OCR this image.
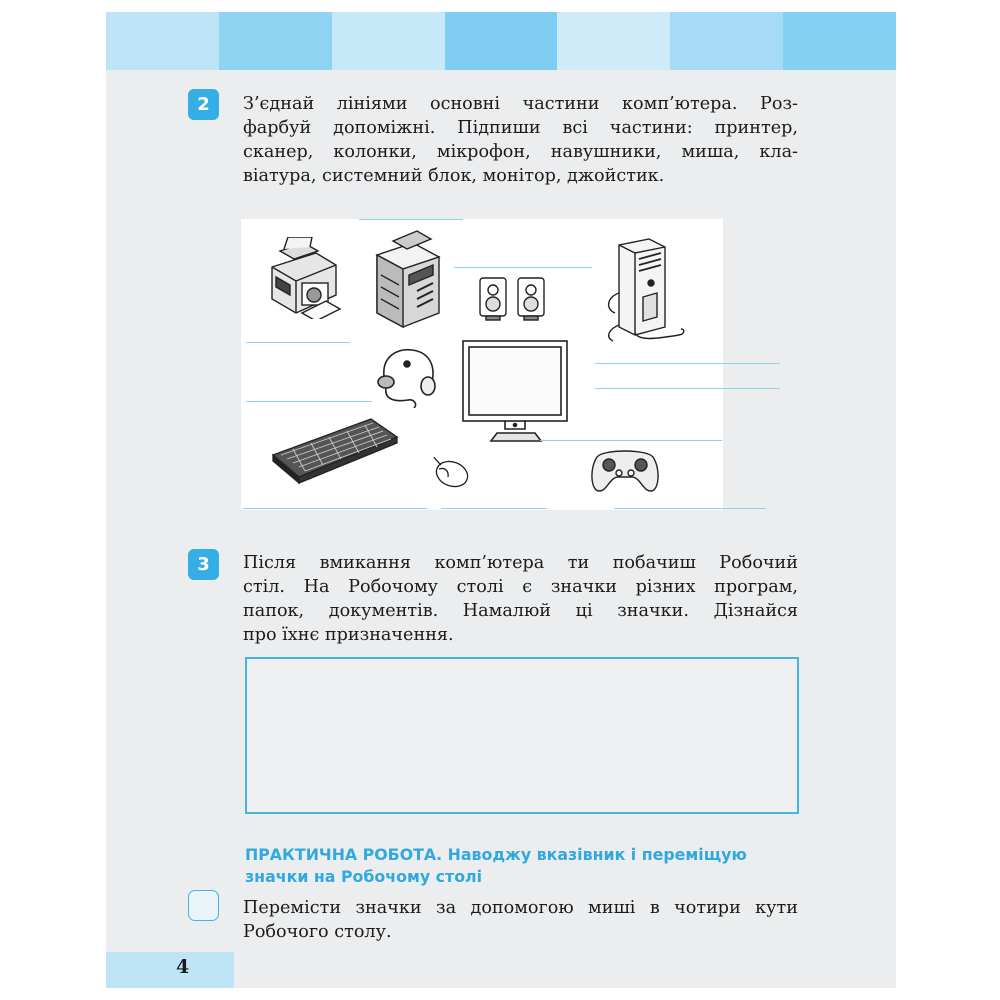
2	З’єднай лініями основні частини комп’ютера. Роз-
фарбуй допоміжні. Підпиши всі частини: принтер,
сканер, колонки, мікрофон, навушники, миша, кла-
віатура, системний блок, монітор, джойстик.
3	Після вмикання комп’ютера ти побачиш Робочий
стіл. На Робочому столі є значки різних програм,
папок, документів. Намалюй ці значки. Дізнайся
про їхнє призначення.
ПРАКТИЧНА РОБОТА. Наводжу вказівник і переміщую
значки на Робочому столі
Перемісти значки за допомогою миші в чотири кути
Робочого столу.
4
